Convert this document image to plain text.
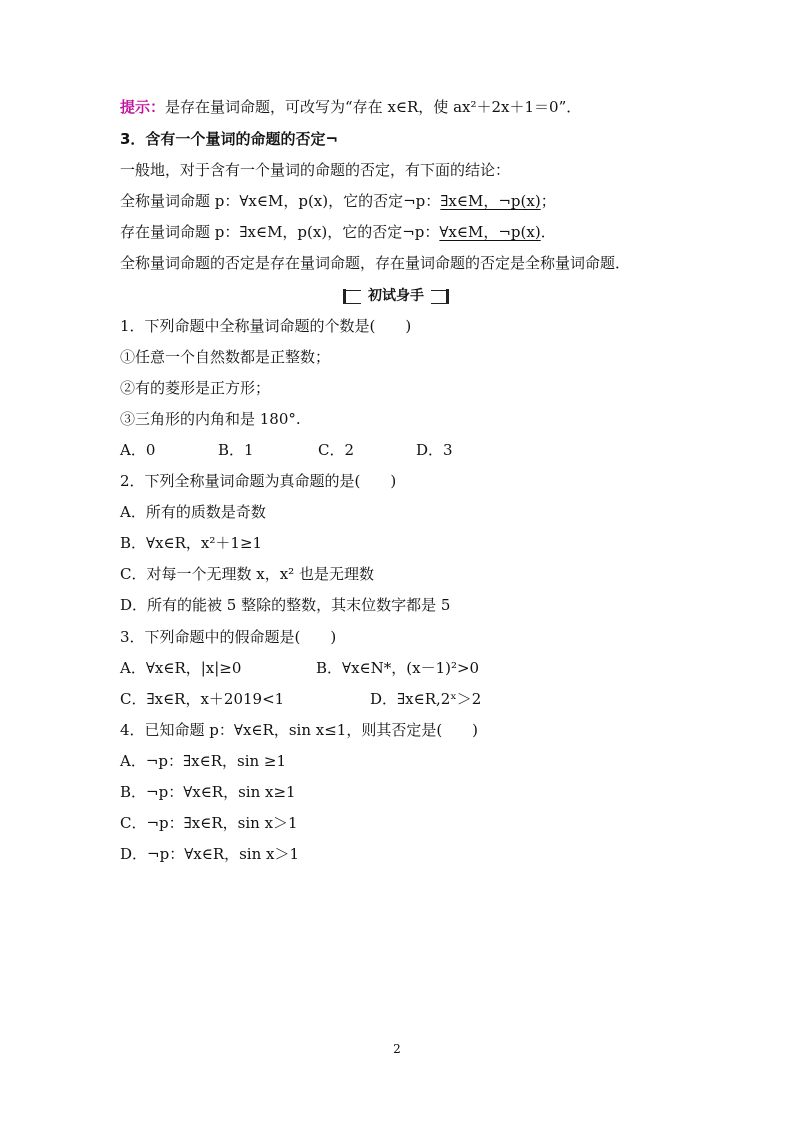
提示：是存在量词命题，可改写为“存在 x∈R，使 ax²＋2x＋1＝0”．
3．含有一个量词的命题的否定¬
一般地，对于含有一个量词的命题的否定，有下面的结论：
全称量词命题 p：∀x∈M，p(x)，它的否定¬p：∃x∈M，¬p(x)；
存在量词命题 p：∃x∈M，p(x)，它的否定¬p：∀x∈M，¬p(x)．
全称量词命题的否定是存在量词命题，存在量词命题的否定是全称量词命题．
初试身手
1．下列命题中全称量词命题的个数是(　　)
①任意一个自然数都是正整数；
②有的菱形是正方形；
③三角形的内角和是 180°.
A．0	B．1	C．2	D．3
2．下列全称量词命题为真命题的是(　　)
A．所有的质数是奇数
B．∀x∈R，x²＋1≥1
C．对每一个无理数 x，x² 也是无理数
D．所有的能被 5 整除的整数，其末位数字都是 5
3．下列命题中的假命题是(　　)
A．∀x∈R，|x|≥0	B．∀x∈N*，(x－1)²>0
C．∃x∈R，x＋2019<1	D．∃x∈R,2ˣ＞2
4．已知命题 p：∀x∈R，sin x≤1，则其否定是(　　)
A．¬p：∃x∈R，sin ≥1
B．¬p：∀x∈R，sin x≥1
C．¬p：∃x∈R，sin x＞1
D．¬p：∀x∈R，sin x＞1
2
